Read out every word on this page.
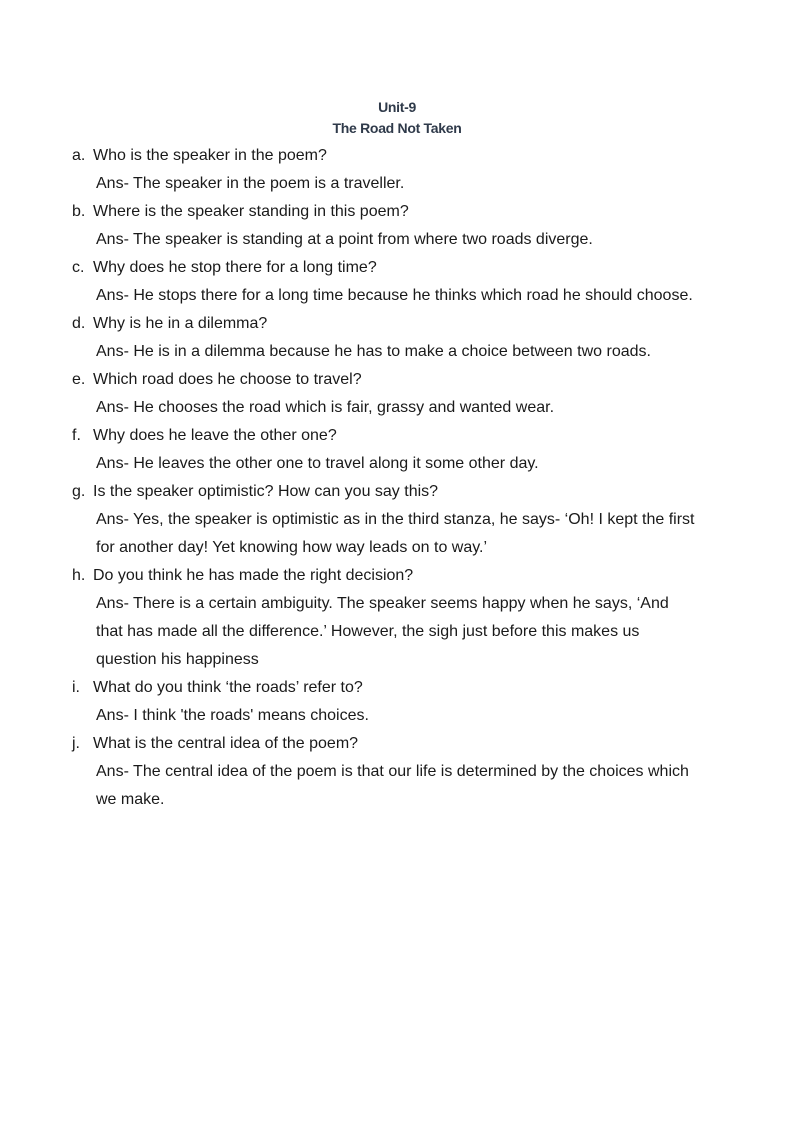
Unit-9
The Road Not Taken
a. Who is the speaker in the poem?
Ans- The speaker in the poem is a traveller.
b. Where is the speaker standing in this poem?
Ans- The speaker is standing at a point from where two roads diverge.
c. Why does he stop there for a long time?
Ans- He stops there for a long time because he thinks which road he should choose.
d. Why is he in a dilemma?
Ans- He is in a dilemma because he has to make a choice between two roads.
e. Which road does he choose to travel?
Ans- He chooses the road which is fair, grassy and wanted wear.
f. Why does he leave the other one?
Ans- He leaves the other one to travel along it some other day.
g. Is the speaker optimistic? How can you say this?
Ans- Yes, the speaker is optimistic as in the third stanza, he says- ‘Oh! I kept the first for another day! Yet knowing how way leads on to way.’
h. Do you think he has made the right decision?
Ans- There is a certain ambiguity. The speaker seems happy when he says, ‘And that has made all the difference.’ However, the sigh just before this makes us question his happiness
i. What do you think ‘the roads’ refer to?
Ans- I think 'the roads' means choices.
j. What is the central idea of the poem?
Ans- The central idea of the poem is that our life is determined by the choices which we make.
